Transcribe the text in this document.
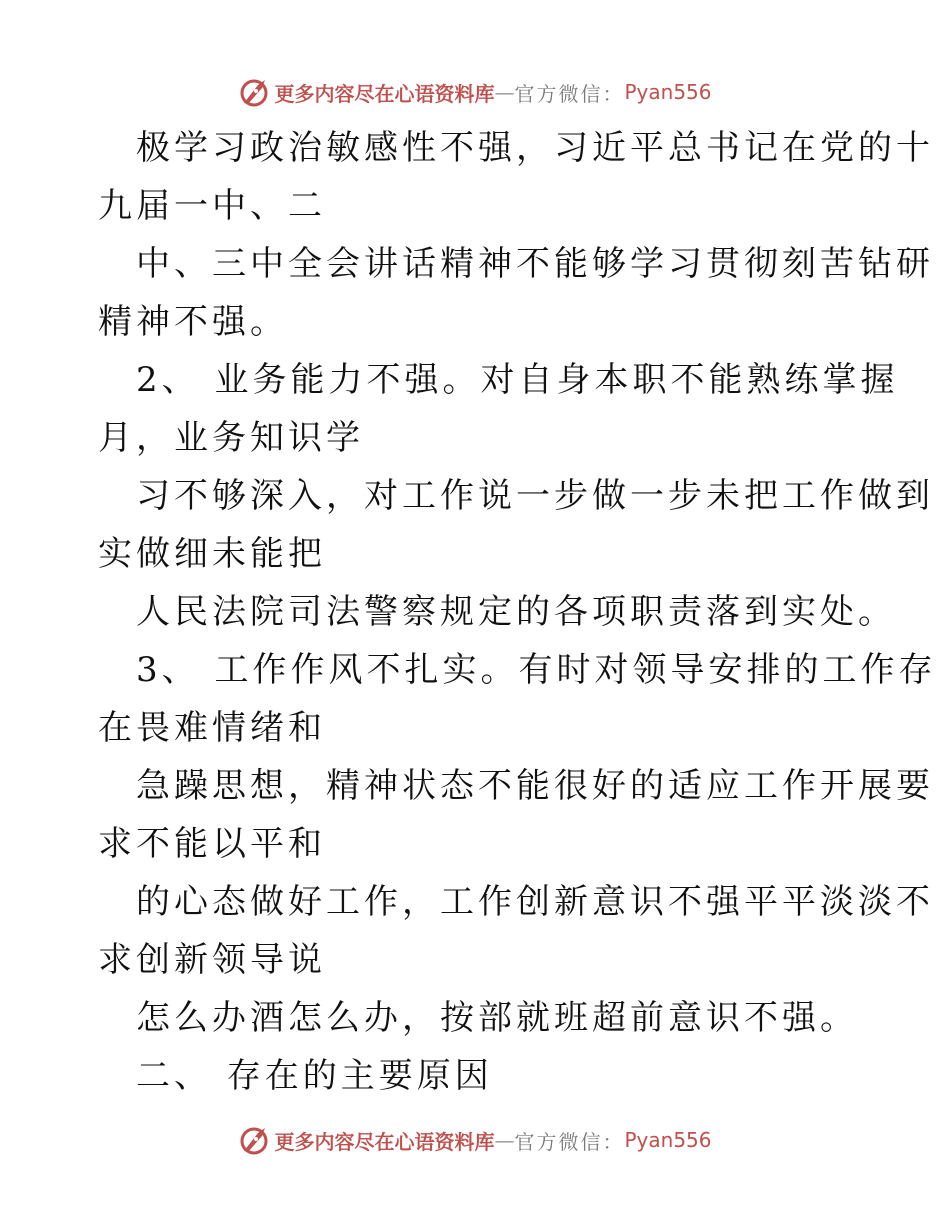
更多内容尽在心语资料库 — 官方微信： Pyan556
极学习政治敏感性不强，习近平总书记在党的十
九届一中、二
中、三中全会讲话精神不能够学习贯彻刻苦钻研
精神不强。
2、 业务能力不强。对自身本职不能熟练掌握
月，业务知识学
习不够深入，对工作说一步做一步未把工作做到
实做细未能把
人民法院司法警察规定的各项职责落到实处。
3、 工作作风不扎实。有时对领导安排的工作存
在畏难情绪和
急躁思想，精神状态不能很好的适应工作开展要
求不能以平和
的心态做好工作，工作创新意识不强平平淡淡不
求创新领导说
怎么办酒怎么办，按部就班超前意识不强。
二、 存在的主要原因
更多内容尽在心语资料库 — 官方微信： Pyan556
